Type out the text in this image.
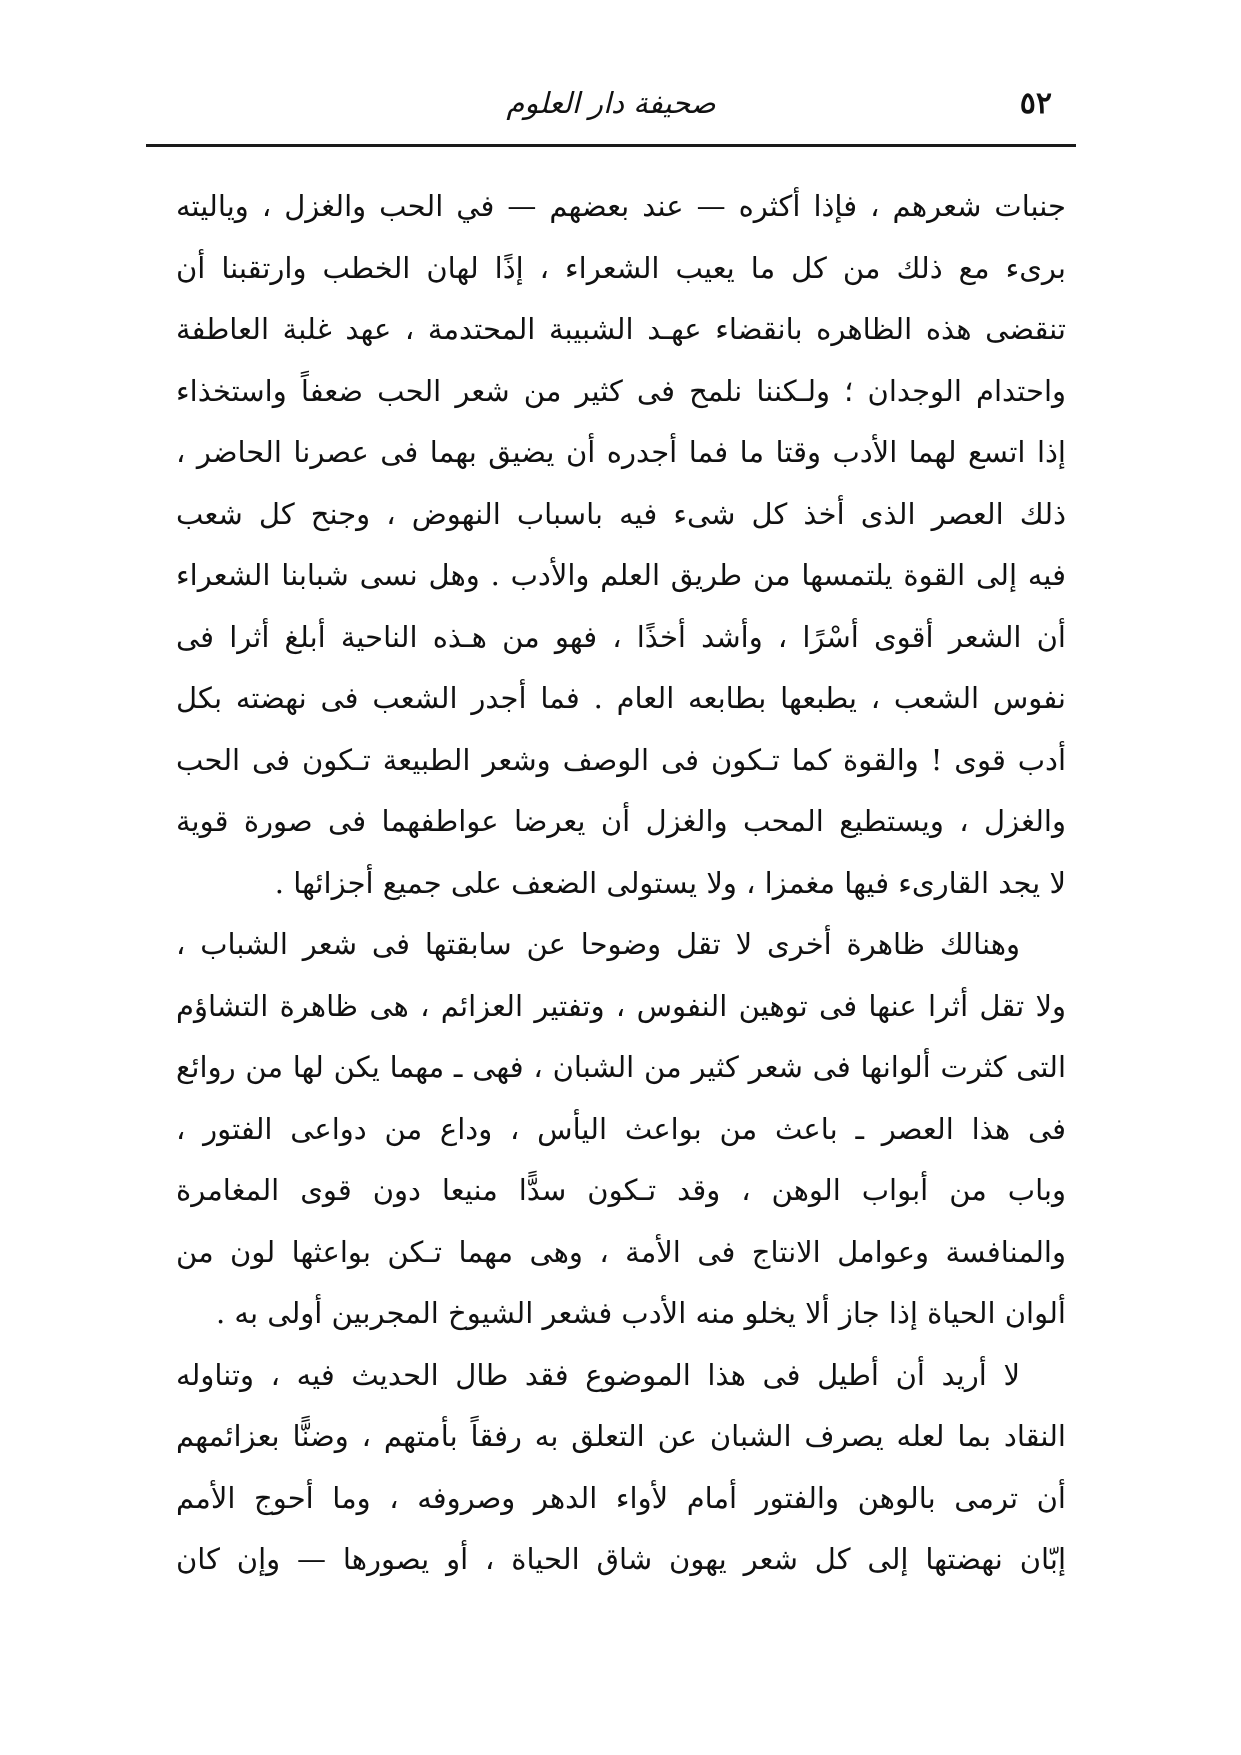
صحيفة دار العلوم	٥٢
جنبات شعرهم ، فإذا أكثره — عند بعضهم — في الحب والغزل ، وياليته
برىء مع ذلك من كل ما يعيب الشعراء ، إذًا لهان الخطب وارتقبنا أن
تنقضى هذه الظاهره بانقضاء عهـد الشبيبة المحتدمة ، عهد غلبة العاطفة
واحتدام الوجدان ؛ ولـكننا نلمح فى كثير من شعر الحب ضعفاً واستخذاء
إذا اتسع لهما الأدب وقتا ما فما أجدره أن يضيق بهما فى عصرنا الحاضر ،
ذلك العصر الذى أخذ كل شىء فيه باسباب النهوض ، وجنح كل شعب
فيه إلى القوة يلتمسها من طريق العلم والأدب . وهل نسى شبابنا الشعراء
أن الشعر أقوى أسْرًا ، وأشد أخذًا ، فهو من هـذه الناحية أبلغ أثرا فى
نفوس الشعب ، يطبعها بطابعه العام . فما أجدر الشعب فى نهضته بكل
أدب قوى ! والقوة كما تـكون فى الوصف وشعر الطبيعة تـكون فى الحب
والغزل ، ويستطيع المحب والغزل أن يعرضا عواطفهما فى صورة قوية
لا يجد القارىء فيها مغمزا ، ولا يستولى الضعف على جميع أجزائها .
وهنالك ظاهرة أخرى لا تقل وضوحا عن سابقتها فى شعر الشباب ،
ولا تقل أثرا عنها فى توهين النفوس ، وتفتير العزائم ، هى ظاهرة التشاؤم
التى كثرت ألوانها فى شعر كثير من الشبان ، فهى ـ مهما يكن لها من روائع
فى هذا العصر ـ باعث من بواعث اليأس ، وداع من دواعى الفتور ،
وباب من أبواب الوهن ، وقد تـكون سدًّا منيعا دون قوى المغامرة
والمنافسة وعوامل الانتاج فى الأمة ، وهى مهما تـكن بواعثها لون من
ألوان الحياة إذا جاز ألا يخلو منه الأدب فشعر الشيوخ المجربين أولى به .
لا أريد أن أطيل فى هذا الموضوع فقد طال الحديث فيه ، وتناوله
النقاد بما لعله يصرف الشبان عن التعلق به رفقاً بأمتهم ، وضنًّا بعزائمهم
أن ترمى بالوهن والفتور أمام لأواء الدهر وصروفه ، وما أحوج الأمم
إبّان نهضتها إلى كل شعر يهون شاق الحياة ، أو يصورها — وإن كان
